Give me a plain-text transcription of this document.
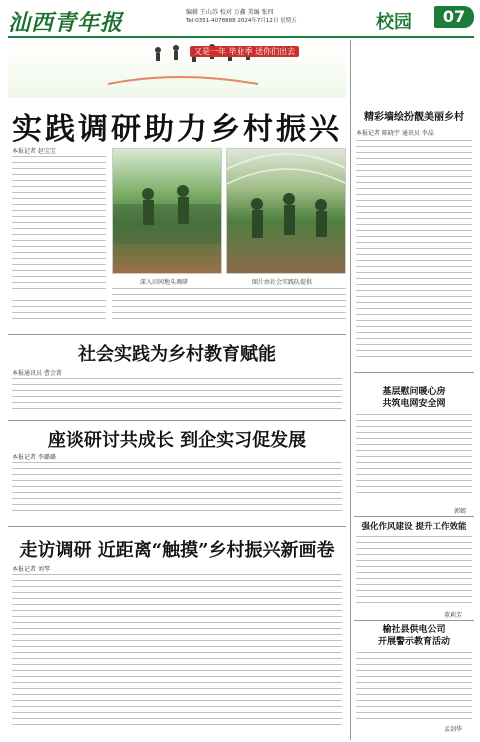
汕西青年报	编辑 王山苏 校对 万鑫 美编 张四
Tel:0351-4078888 2024年7月12日 星期五	校园	07
又是一年 毕业季 送你们出去
实践调研助力乡村振兴
本报记者 赵宝宝
深入田间地头调研	图片由社会实践队提供
社会实践为乡村教育赋能
本报通讯员 曹会菁
座谈研讨共成长 到企实习促发展
本报记者 李璐璐
走访调研 近距离“触摸”乡村振兴新画卷
本报记者 刘琴
精彩墙绘扮靓美丽乡村
本报记者 陈晓宇 通讯员 李晶
基层慰问暖心房
共筑电网安全网
郭嫣
强化作风建设 提升工作效能
董莉芳
榆社县供电公司
开展警示教育活动
孟剑华
